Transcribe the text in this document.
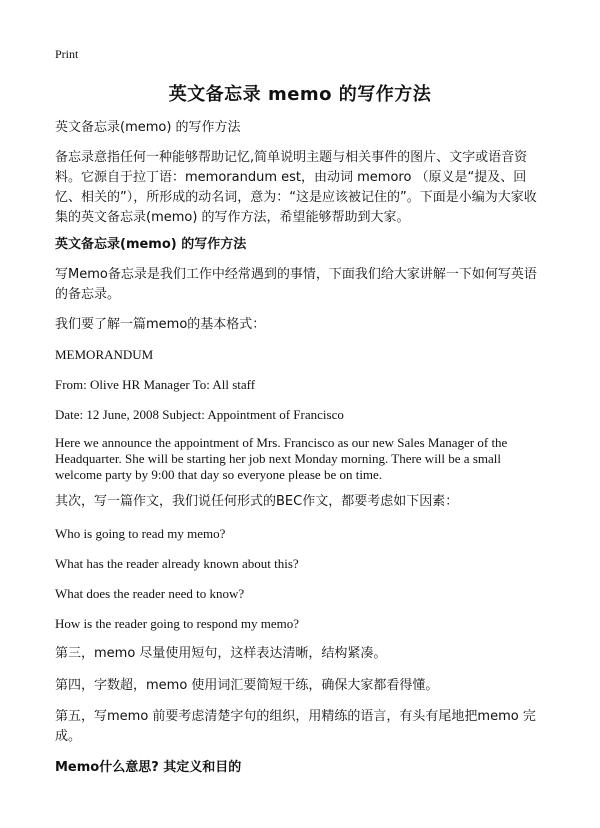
Print
英文备忘录 memo 的写作方法
英文备忘录(memo) 的写作方法
备忘录意指任何一种能够帮助记忆,简单说明主题与相关事件的图片、文字或语音资料。它源自于拉丁语：memorandum est，由动词 memoro （原义是“提及、回忆、相关的”），所形成的动名词，意为：“这是应该被记住的”。下面是小编为大家收集的英文备忘录(memo) 的写作方法，希望能够帮助到大家。
英文备忘录(memo) 的写作方法
写Memo备忘录是我们工作中经常遇到的事情，下面我们给大家讲解一下如何写英语的备忘录。
我们要了解一篇memo的基本格式：
MEMORANDUM
From: Olive HR Manager To: All staff
Date: 12 June, 2008 Subject: Appointment of Francisco
Here we announce the appointment of Mrs. Francisco as our new Sales Manager of the Headquarter. She will be starting her job next Monday morning. There will be a small welcome party by 9:00 that day so everyone please be on time.
其次，写一篇作文，我们说任何形式的BEC作文，都要考虑如下因素：
Who is going to read my memo?
What has the reader already known about this?
What does the reader need to know?
How is the reader going to respond my memo?
第三，memo 尽量使用短句，这样表达清晰，结构紧凑。
第四，字数超，memo 使用词汇要简短干练，确保大家都看得懂。
第五，写memo 前要考虑清楚字句的组织，用精练的语言，有头有尾地把memo 完成。
Memo什么意思? 其定义和目的
